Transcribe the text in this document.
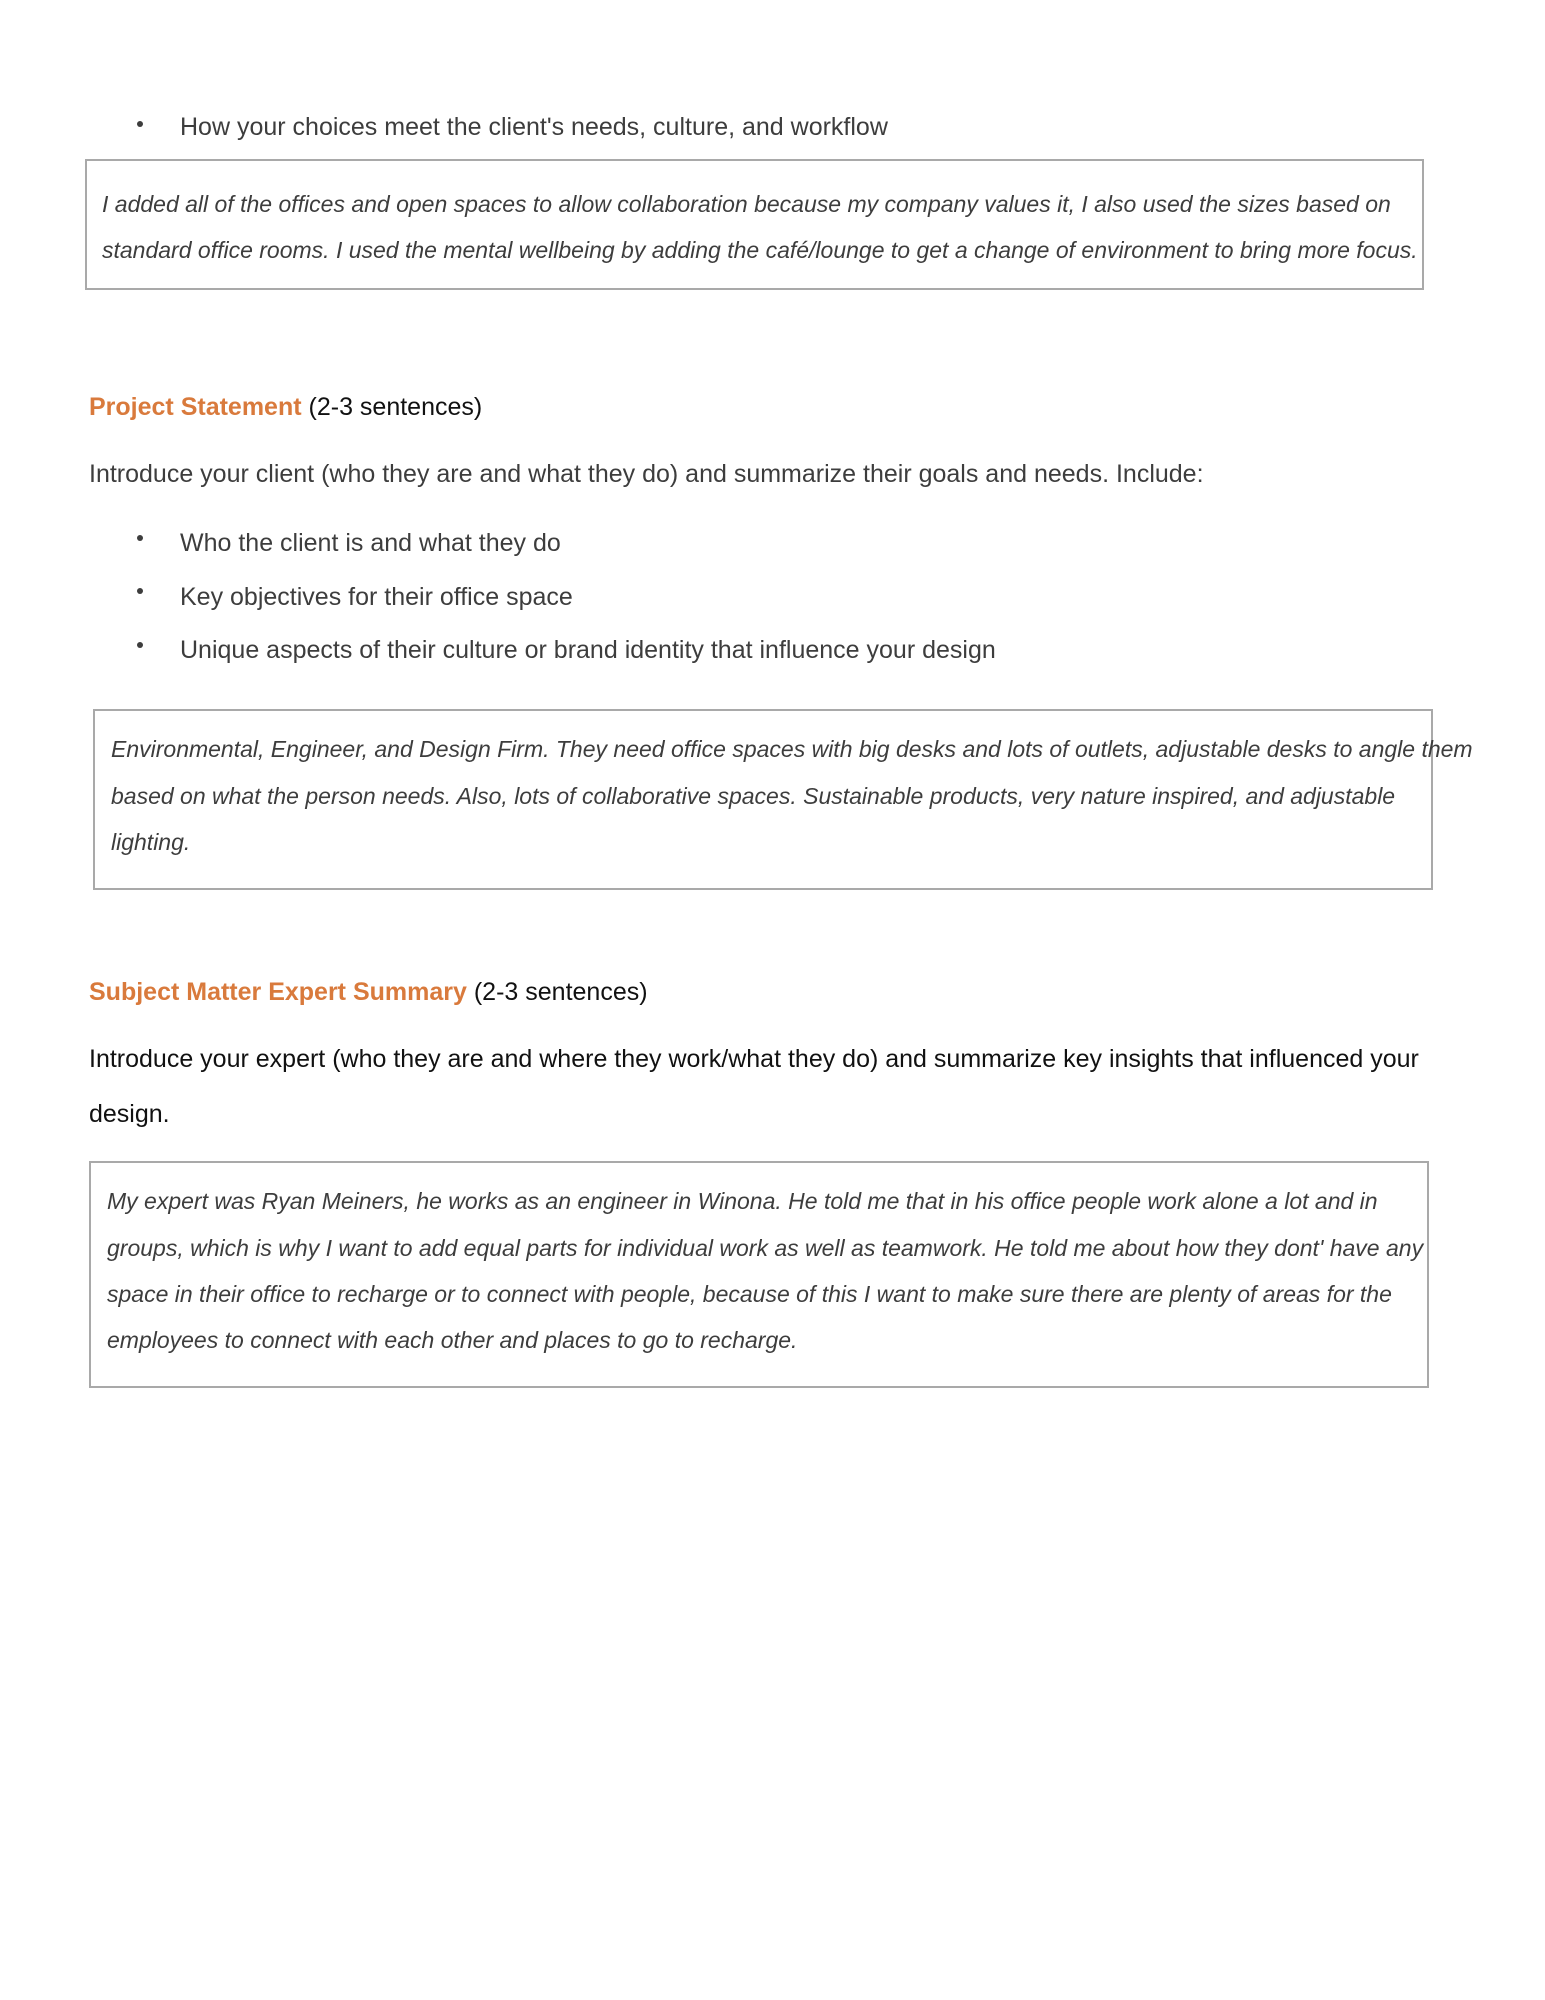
How your choices meet the clientʹs needs, culture, and workflow
I added all of the offices and open spaces to allow collaboration because my company values it, I also used the sizes based on
standard office rooms. I used the mental wellbeing by adding the café/lounge to get a change of environment to bring more focus.
Project Statement (2-3 sentences)
Introduce your client (who they are and what they do) and summarize their goals and needs. Include:
Who the client is and what they do
Key objectives for their office space
Unique aspects of their culture or brand identity that influence your design
Environmental, Engineer, and Design Firm. They need office spaces with big desks and lots of outlets, adjustable desks to angle them
based on what the person needs. Also, lots of collaborative spaces. Sustainable products, very nature inspired, and adjustable
lighting.
Subject Matter Expert Summary (2-3 sentences)
Introduce your expert (who they are and where they work/what they do) and summarize key insights that influenced your
design.
My expert was Ryan Meiners, he works as an engineer in Winona. He told me that in his office people work alone a lot and in
groups, which is why I want to add equal parts for individual work as well as teamwork. He told me about how they dontʹ have any
space in their office to recharge or to connect with people, because of this I want to make sure there are plenty of areas for the
employees to connect with each other and places to go to recharge.
